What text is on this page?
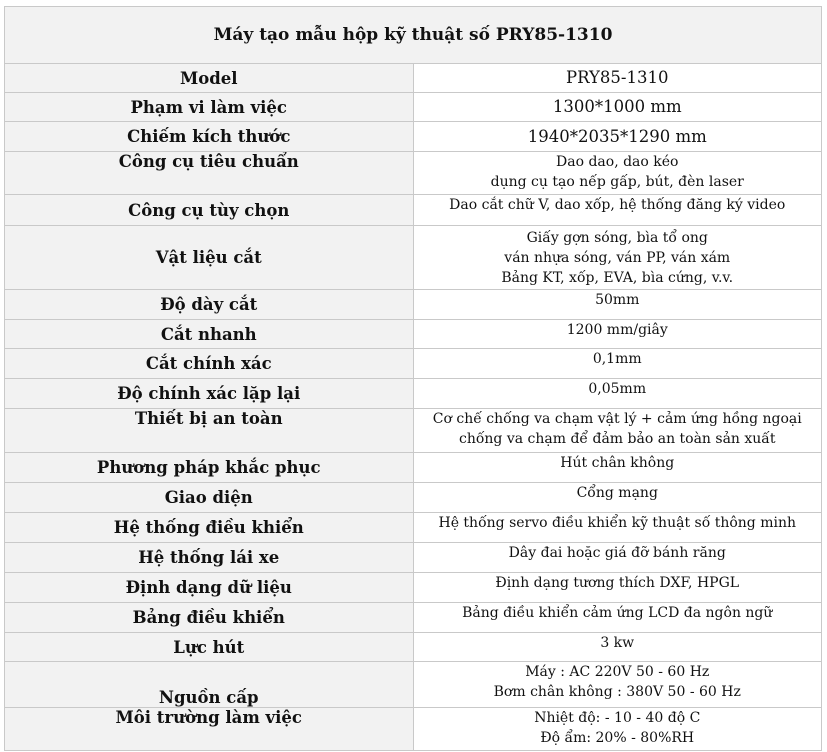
Máy tạo mẫu hộp kỹ thuật số PRY85-1310	
Model	PRY85-1310

Phạm vi làm việc	1300*1000 mm

Chiếm kích thước	1940*2035*1290 mm

Công cụ tiêu chuẩn	Dao dao, dao kéo
dụng cụ tạo nếp gấp, bút, đèn laser

Công cụ tùy chọn	Dao cắt chữ V, dao xốp, hệ thống đăng ký video

Vật liệu cắt	Giấy gợn sóng, bìa tổ ong
ván nhựa sóng, ván PP, ván xám
Bảng KT, xốp, EVA, bìa cứng, v.v.

Độ dày cắt	50mm

Cắt nhanh	1200 mm/giây

Cắt chính xác	0,1mm

Độ chính xác lặp lại	0,05mm

Thiết bị an toàn	Cơ chế chống va chạm vật lý + cảm ứng hồng ngoại
chống va chạm để đảm bảo an toàn sản xuất

Phương pháp khắc phục	Hút chân không

Giao diện	Cổng mạng

Hệ thống điều khiển	Hệ thống servo điều khiển kỹ thuật số thông minh

Hệ thống lái xe	Dây đai hoặc giá đỡ bánh răng

Định dạng dữ liệu	Định dạng tương thích DXF, HPGL

Bảng điều khiển	Bảng điều khiển cảm ứng LCD đa ngôn ngữ

Lực hút	3 kw

Nguồn cấp	Máy : AC 220V 50 - 60 Hz
Bơm chân không : 380V 50 - 60 Hz

Môi trường làm việc	Nhiệt độ: - 10 - 40 độ C
Độ ẩm: 20% - 80%RH
